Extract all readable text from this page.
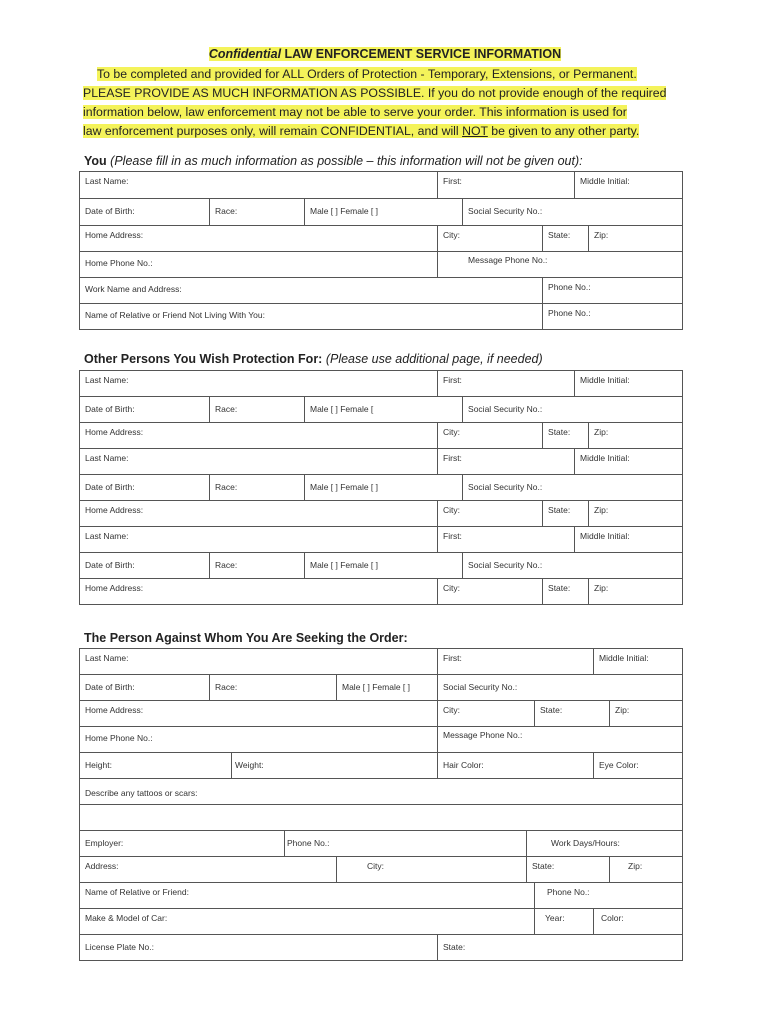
Confidential LAW ENFORCEMENT SERVICE INFORMATION
To be completed and provided for ALL Orders of Protection - Temporary, Extensions, or Permanent.
PLEASE PROVIDE AS MUCH INFORMATION AS POSSIBLE. If you do not provide enough of the required
information below, law enforcement may not be able to serve your order. This information is used for
law enforcement purposes only, will remain CONFIDENTIAL, and will NOT be given to any other party.
You (Please fill in as much information as possible – this information will not be given out):
Last Name:			First:			Middle Initial:	
Date of Birth:	Race:	Male [ ] Female [ ]		Social Security No.:			
Home Address:			City:		State:		Zip:
Home Phone No.:			Message Phone No.:				
Work Name and Address:					Phone No.:		
Name of Relative or Friend Not Living With You:					Phone No.:		
Other Persons You Wish Protection For: (Please use additional page, if needed)
Last Name:			First:			Middle Initial:	
Date of Birth:	Race:	Male [ ] Female [		Social Security No.:			
Home Address:			City:		State:		Zip:
Last Name:			First:			Middle Initial:	
Date of Birth:	Race:	Male [ ] Female [ ]		Social Security No.:			
Home Address:			City:		State:		Zip:
Last Name:			First:			Middle Initial:	
Date of Birth:	Race:	Male [ ] Female [ ]		Social Security No.:			
Home Address:			City:		State:		Zip:
The Person Against Whom You Are Seeking the Order:
Last Name:					First:			Middle Initial:	
Date of Birth:	Race:			Male [ ] Female [ ]	Social Security No.:				
Home Address:					City:		State:		Zip:
Home Phone No.:					Message Phone No.:				
Height:		Weight:			Hair Color:			Eye Color:	
Describe any tattoos or scars:									

Employer:			Phone No.:			Work Days/Hours:			
Address:				City:		State:			Zip:
Name of Relative or Friend:							Phone No.:		
Make & Model of Car:							Year:	Color:	
License Plate No.:					State:				
